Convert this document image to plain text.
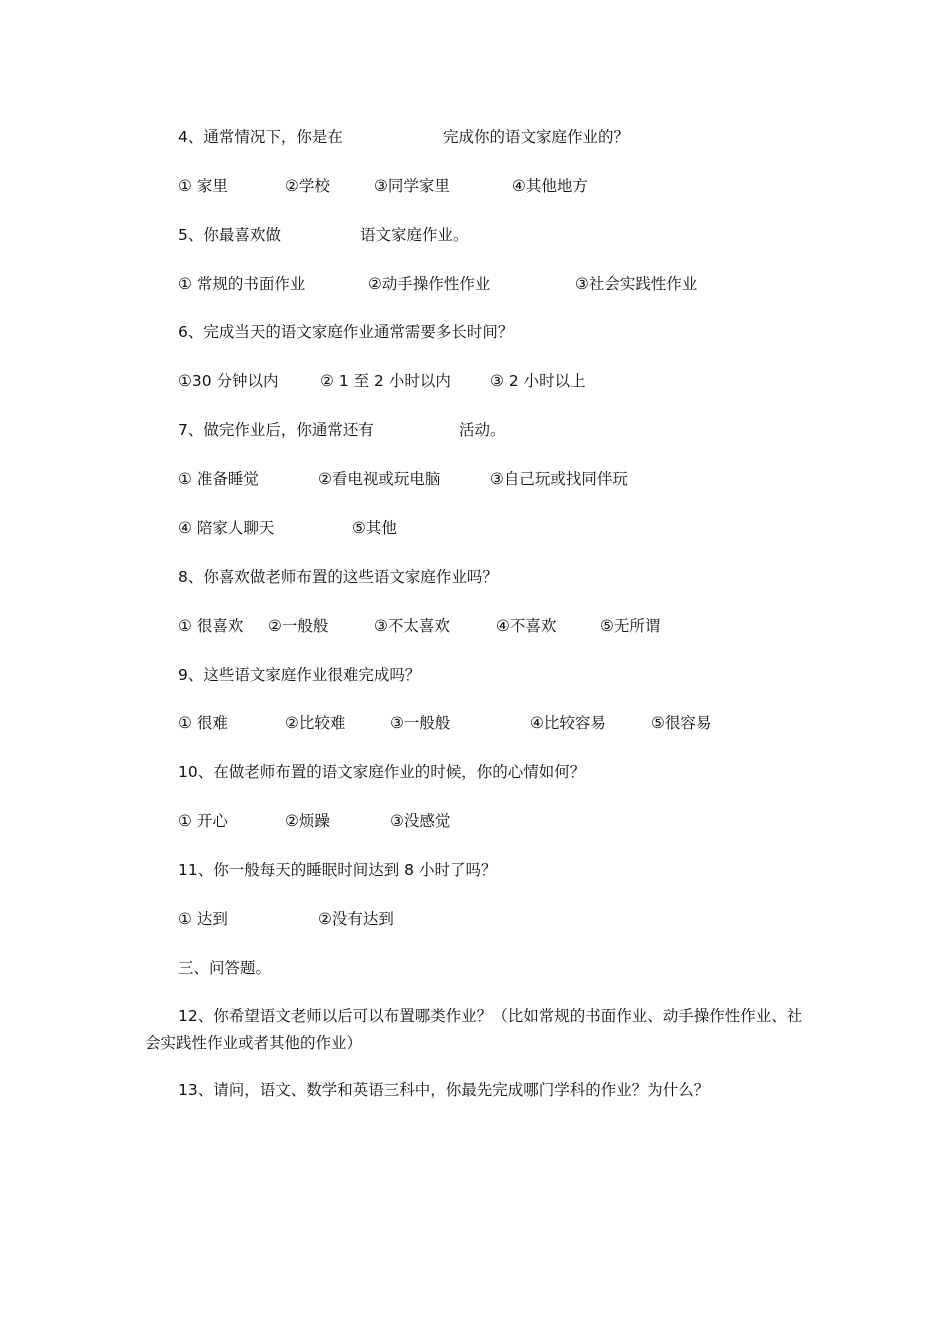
4、通常情况下，你是在	完成你的语文家庭作业的？
① 家里	②学校	③同学家里	④其他地方
5、你最喜欢做	语文家庭作业。
① 常规的书面作业	②动手操作性作业	③社会实践性作业
6、完成当天的语文家庭作业通常需要多长时间？
①30 分钟以内	② 1 至 2 小时以内	③ 2 小时以上
7、做完作业后，你通常还有	活动。
① 准备睡觉	②看电视或玩电脑	③自己玩或找同伴玩
④ 陪家人聊天	⑤其他
8、你喜欢做老师布置的这些语文家庭作业吗？
① 很喜欢 ②一般般	③不太喜欢	④不喜欢	⑤无所谓
9、这些语文家庭作业很难完成吗？
① 很难	②比较难	③一般般	④比较容易	⑤很容易
10、在做老师布置的语文家庭作业的时候，你的心情如何？
① 开心	②烦躁	③没感觉
11、你一般每天的睡眠时间达到 8 小时了吗？
① 达到	②没有达到
三、问答题。
12、你希望语文老师以后可以布置哪类作业？（比如常规的书面作业、动手操作性作业、社会实践性作业或者其他的作业）
13、请问，语文、数学和英语三科中，你最先完成哪门学科的作业？为什么？
